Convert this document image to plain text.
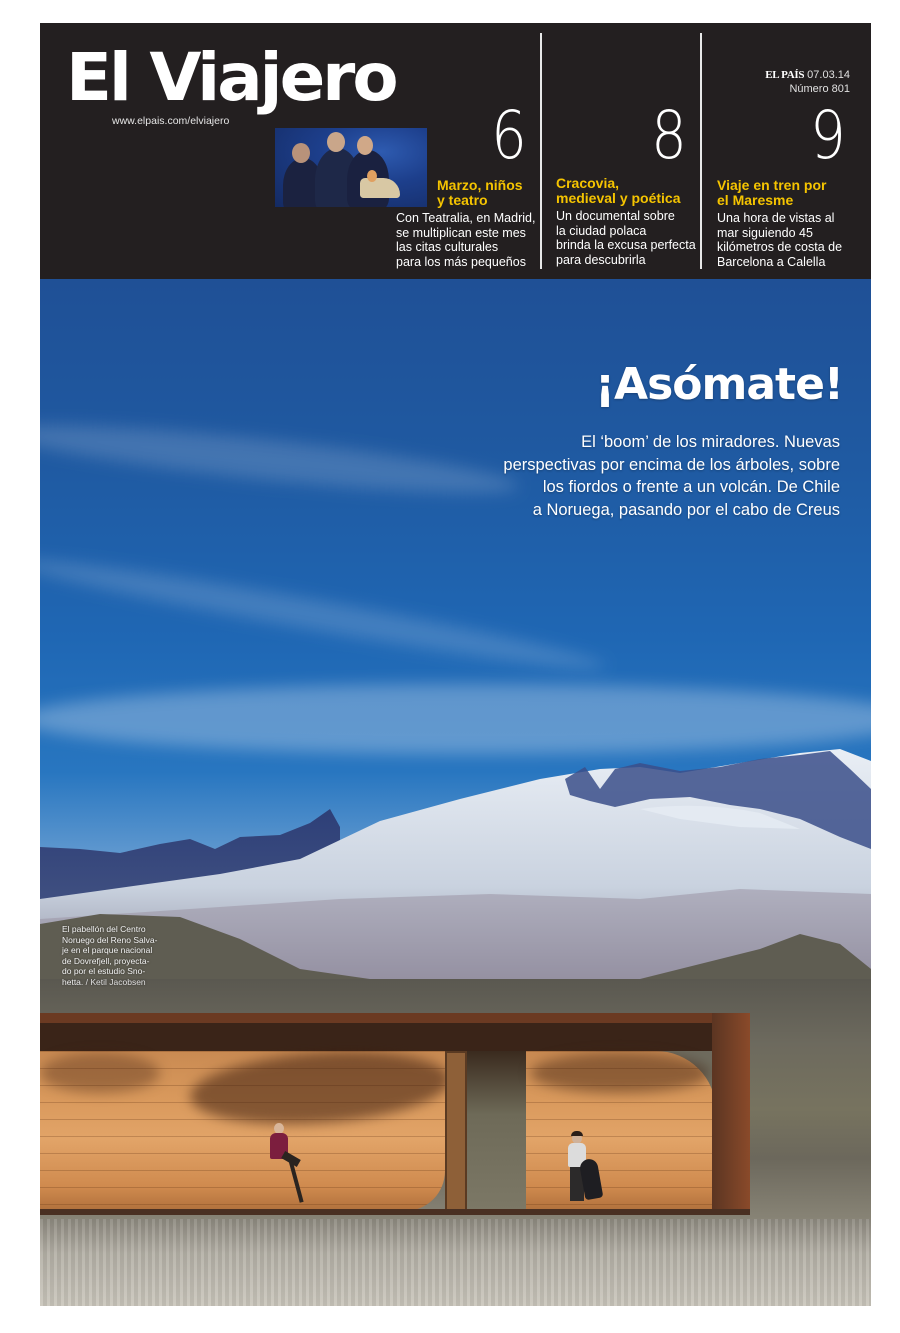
El Viajero
www.elpais.com/elviajero
EL PAÍS 07.03.14
Número 801
6
Marzo, niños
y teatro
Con Teatralia, en Madrid,
se multiplican este mes
las citas culturales
para los más pequeños
8
Cracovia,
medieval y poética
Un documental sobre
la ciudad polaca
brinda la excusa perfecta
para descubrirla
9
Viaje en tren por
el Maresme
Una hora de vistas al
mar siguiendo 45
kilómetros de costa de
Barcelona a Calella
¡Asómate!
El ‘boom’ de los miradores. Nuevas
perspectivas por encima de los árboles, sobre
los fiordos o frente a un volcán. De Chile
a Noruega, pasando por el cabo de Creus
El pabellón del Centro
Noruego del Reno Salva-
je en el parque nacional
de Dovrefjell, proyecta-
do por el estudio Sno-
hetta. / Ketil Jacobsen
